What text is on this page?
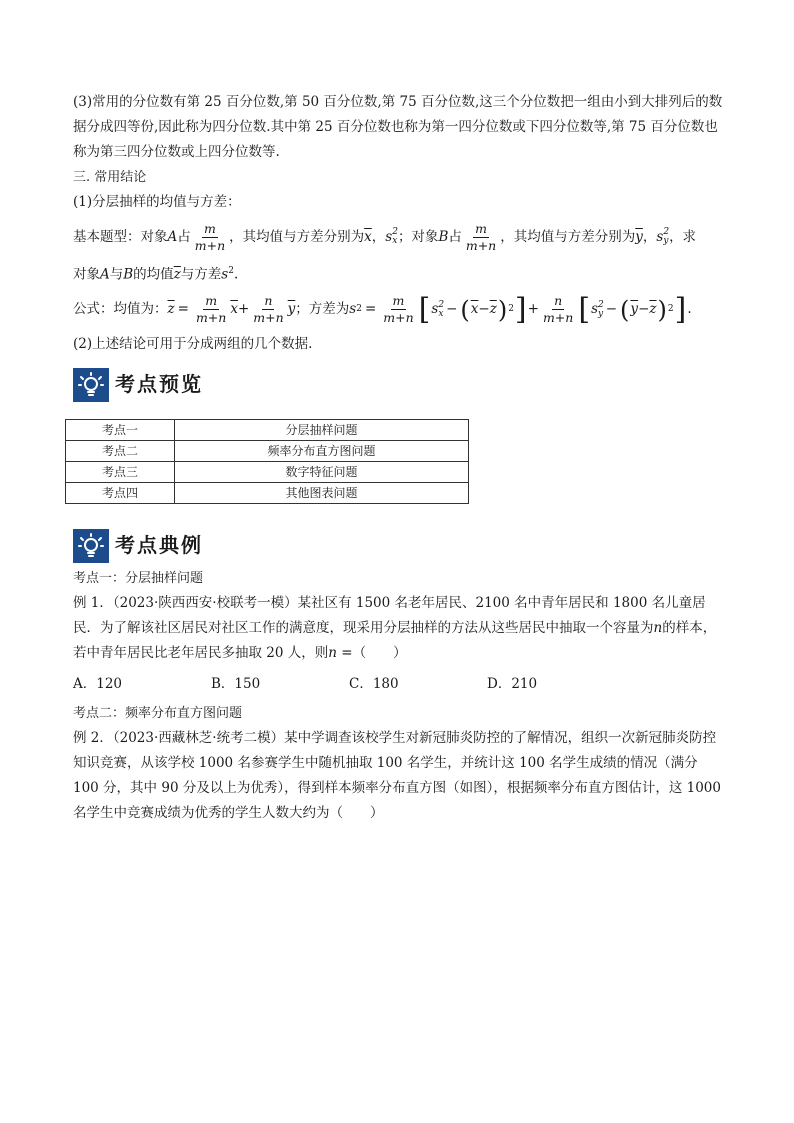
(3)常用的分位数有第 25 百分位数,第 50 百分位数,第 75 百分位数,这三个分位数把一组由小到大排列后的数据分成四等份,因此称为四分位数.其中第 25 百分位数也称为第一四分位数或下四分位数等,第 75 百分位数也称为第三四分位数或上四分位数等.

三. 常用结论

(1)分层抽样的均值与方差：

基本题型：对象 A 占 $\frac{m}{m+n}$ ，其均值与方差分别为 $\overline{x}$ ， s 2
x ；对象 B 占 $\frac{m}{m+n}$ ，其均值与方差分别为 $\overline{y}$ ， s 2
y ，求
对象A与B的均值$\overline{z}$与方差$s^2$.
公式：均值为： $\overline{z} = \frac{m}{m+n} \overline{x} + \frac{n}{m+n} \overline{y}$ ；方差为 s $2 = \frac{m}{m+n}$ [ s 2
x − ( $\overline{x} - \overline{z}$ ) 2 ] + $\frac{n}{m+n}$ [ s 2
y − ( $\overline{y} - \overline{z}$ ) 2 ] .

(2)上述结论可用于分成两组的几个数据.

考点预览
考点一	分层抽样问题
考点二	频率分布直方图问题
考点三	数字特征问题
考点四	其他图表问题
考点典例

考点一：分层抽样问题

例 1．（2023·陕西西安·校联考一模）某社区有 1500 名老年居民、2100 名中青年居民和 1800 名儿童居民．为了解该社区居民对社区工作的满意度，现采用分层抽样的方法从这些居民中抽取一个容量为n的样本，若中青年居民比老年居民多抽取 20 人，则n =（　　）

A．120	B．150	C．180	D．210

考点二：频率分布直方图问题

例 2．（2023·西藏林芝·统考二模）某中学调查该校学生对新冠肺炎防控的了解情况，组织一次新冠肺炎防控知识竞赛，从该学校 1000 名参赛学生中随机抽取 100 名学生，并统计这 100 名学生成绩的情况（满分 100 分，其中 90 分及以上为优秀），得到样本频率分布直方图（如图），根据频率分布直方图估计，这 1000 名学生中竞赛成绩为优秀的学生人数大约为（　　）
